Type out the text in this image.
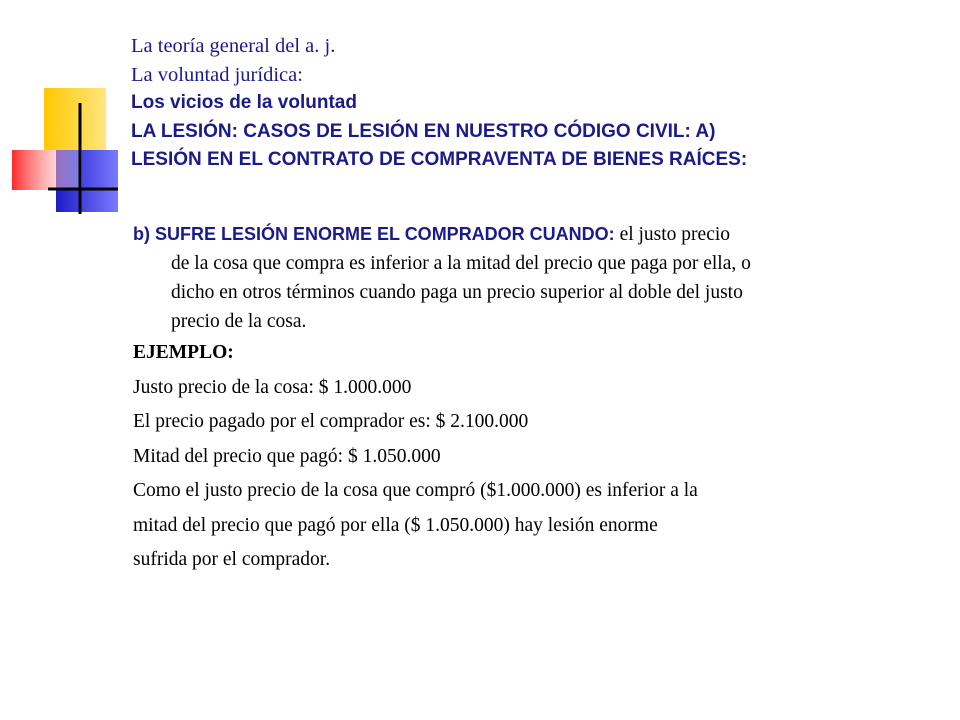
La teoría general del a. j.
La voluntad jurídica:
Los vicios de la voluntad
LA LESIÓN: CASOS DE LESIÓN EN NUESTRO CÓDIGO CIVIL: A)
LESIÓN EN EL CONTRATO DE COMPRAVENTA DE BIENES RAÍCES:

b) SUFRE LESIÓN ENORME EL COMPRADOR CUANDO: el justo precio
de la cosa que compra es inferior a la mitad del precio que paga por ella, o
dicho en otros términos cuando paga un precio superior al doble del justo
precio de la cosa.

EJEMPLO:

Justo precio de la cosa: $ 1.000.000

El precio pagado por el comprador es: $ 2.100.000

Mitad del precio que pagó: $ 1.050.000

Como el justo precio de la cosa que compró ($1.000.000) es inferior a la

mitad del precio que pagó por ella ($ 1.050.000) hay lesión enorme

sufrida por el comprador.
